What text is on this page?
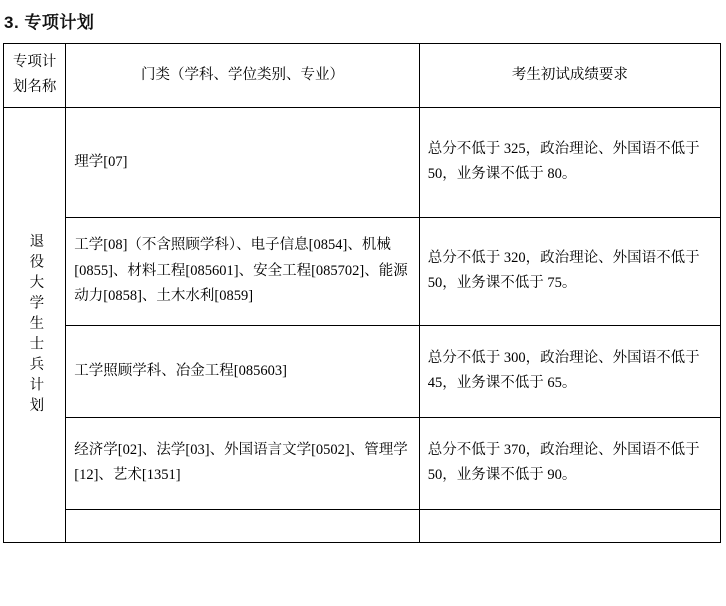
3. 专项计划
专项计划名称	门类（学科、学位类别、专业）	考生初试成绩要求
退役大学生士兵计划	理学[07]	总分不低于 325，政治理论、外国语不低于 50，业务课不低于 80。
	工学[08]（不含照顾学科）、电子信息[0854]、机械[0855]、材料工程[085601]、安全工程[085702]、能源动力[0858]、土木水利[0859]	总分不低于 320，政治理论、外国语不低于 50，业务课不低于 75。
	工学照顾学科、冶金工程[085603]	总分不低于 300，政治理论、外国语不低于 45，业务课不低于 65。
	经济学[02]、法学[03]、外国语言文学[0502]、管理学[12]、艺术[1351]	总分不低于 370，政治理论、外国语不低于 50，业务课不低于 90。
